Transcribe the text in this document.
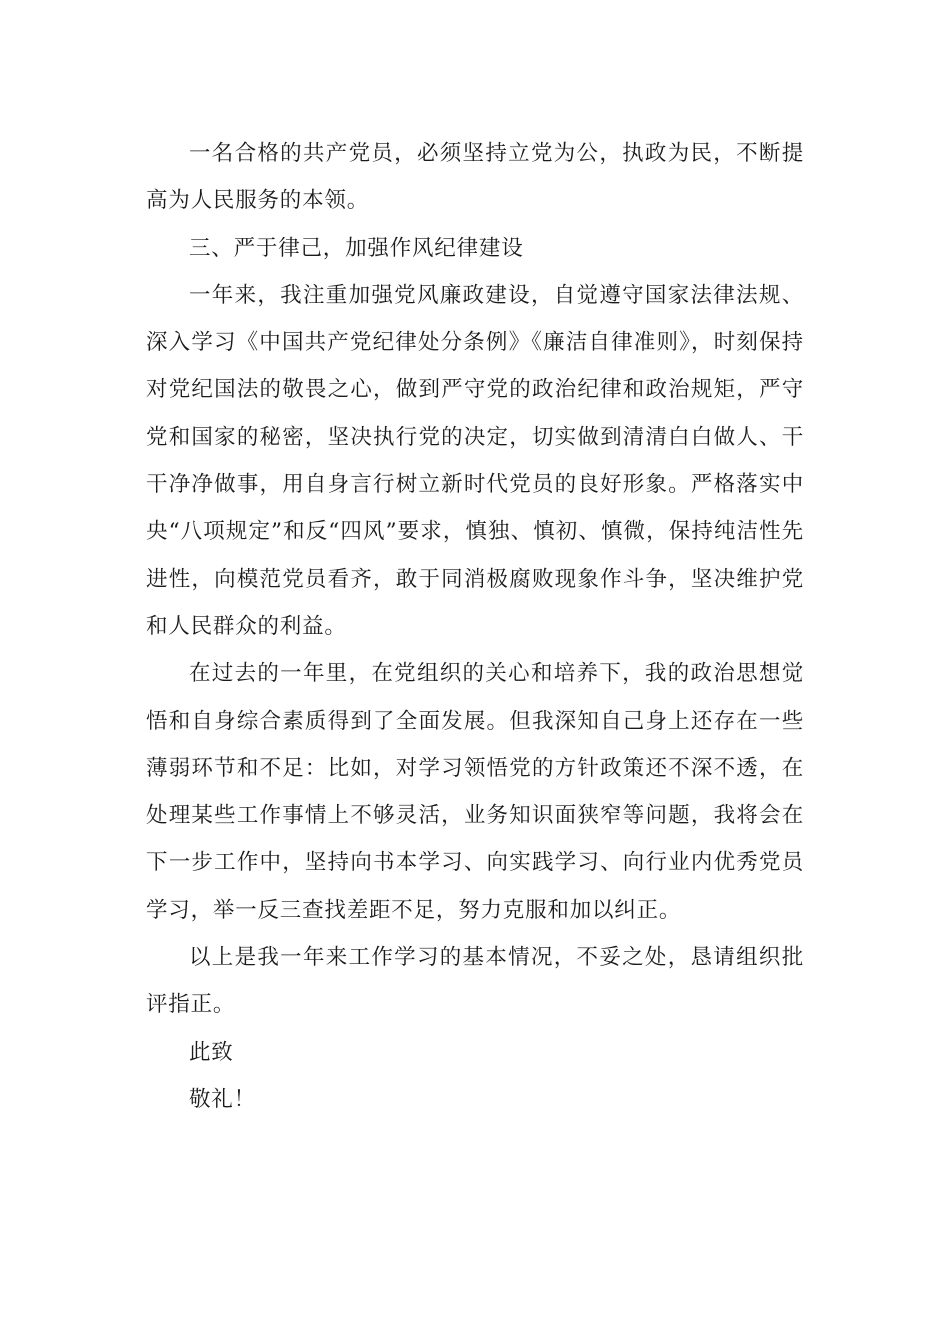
一名合格的共产党员，必须坚持立党为公，执政为民，不断提高为人民服务的本领。

三、严于律己，加强作风纪律建设

一年来，我注重加强党风廉政建设，自觉遵守国家法律法规、深入学习《中国共产党纪律处分条例》《廉洁自律准则》，时刻保持对党纪国法的敬畏之心，做到严守党的政治纪律和政治规矩，严守党和国家的秘密，坚决执行党的决定，切实做到清清白白做人、干干净净做事，用自身言行树立新时代党员的良好形象。严格落实中央“八项规定”和反“四风”要求，慎独、慎初、慎微，保持纯洁性先进性，向模范党员看齐，敢于同消极腐败现象作斗争，坚决维护党和人民群众的利益。

在过去的一年里，在党组织的关心和培养下，我的政治思想觉悟和自身综合素质得到了全面发展。但我深知自己身上还存在一些薄弱环节和不足：比如，对学习领悟党的方针政策还不深不透，在处理某些工作事情上不够灵活，业务知识面狭窄等问题，我将会在下一步工作中，坚持向书本学习、向实践学习、向行业内优秀党员学习，举一反三查找差距不足，努力克服和加以纠正。

以上是我一年来工作学习的基本情况，不妥之处，恳请组织批评指正。

此致

敬礼！
